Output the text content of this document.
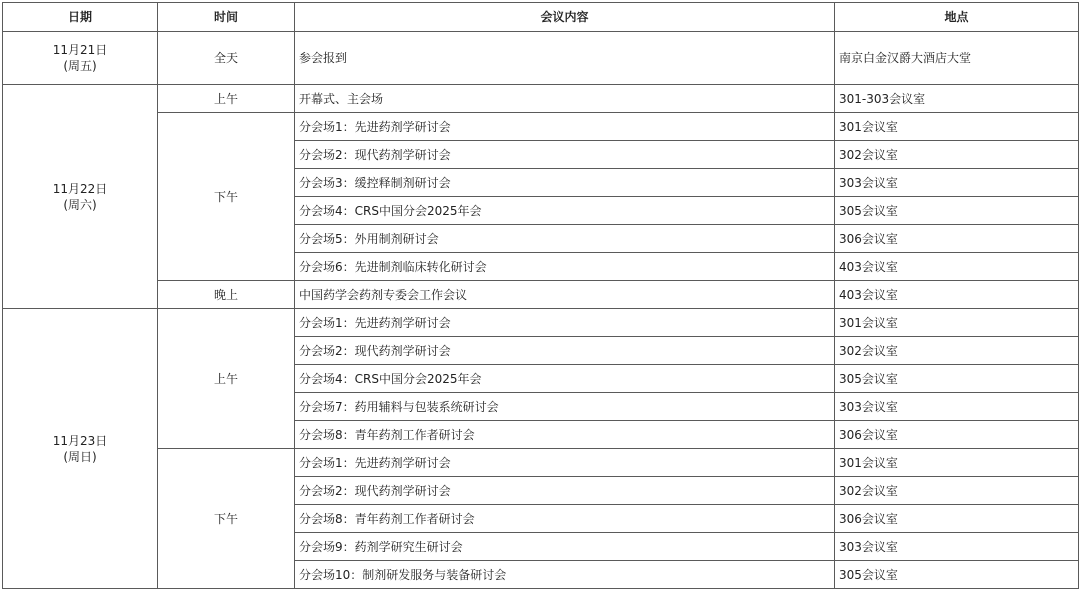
日期	时间	会议内容	地点

11月21日
(周五)	全天	参会报到	南京白金汉爵大酒店大堂

11月22日
(周六)	上午	开幕式、主会场	301-303会议室
	下午	分会场1：先进药剂学研讨会	301会议室
		分会场2：现代药剂学研讨会	302会议室
		分会场3：缓控释制剂研讨会	303会议室
		分会场4：CRS中国分会2025年会	305会议室
		分会场5：外用制剂研讨会	306会议室
		分会场6：先进制剂临床转化研讨会	403会议室
	晚上	中国药学会药剂专委会工作会议	403会议室

11月23日
(周日)	上午	分会场1：先进药剂学研讨会	301会议室
		分会场2：现代药剂学研讨会	302会议室
		分会场4：CRS中国分会2025年会	305会议室
		分会场7：药用辅料与包装系统研讨会	303会议室
		分会场8：青年药剂工作者研讨会	306会议室
	下午	分会场1：先进药剂学研讨会	301会议室
		分会场2：现代药剂学研讨会	302会议室
		分会场8：青年药剂工作者研讨会	306会议室
		分会场9：药剂学研究生研讨会	303会议室
		分会场10：制剂研发服务与装备研讨会	305会议室
